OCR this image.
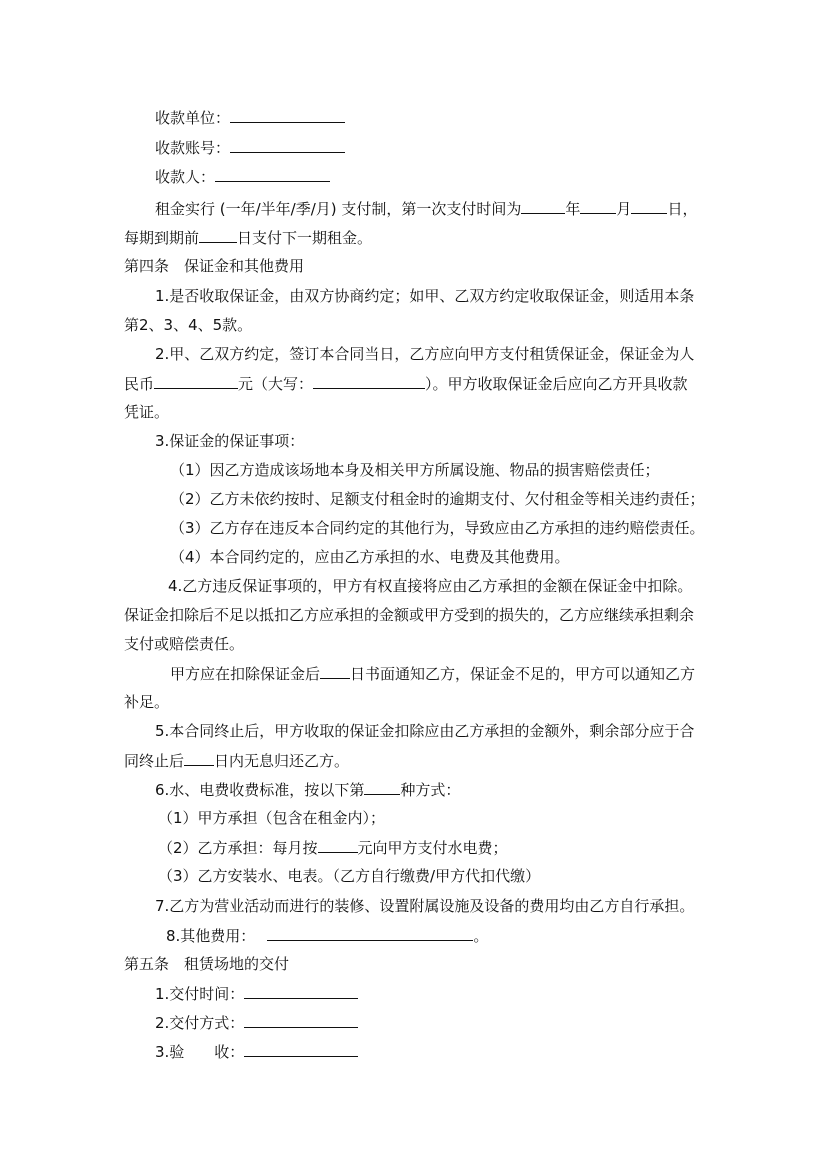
收款单位：
收款账号：
收款人：
租金实行 (一年/半年/季/月) 支付制，第一次支付时间为	年 月 日，
每期到期前	日支付下一期租金。
第四条　保证金和其他费用
1.是否收取保证金，由双方协商约定；如甲、乙双方约定收取保证金，则适用本条
第2、3、4、5款。
2.甲、乙双方约定，签订本合同当日，乙方应向甲方支付租赁保证金，保证金为人
民币	元（大写：	）。甲方收取保证金后应向乙方开具收款
凭证。
3.保证金的保证事项：
（1）因乙方造成该场地本身及相关甲方所属设施、物品的损害赔偿责任；
（2）乙方未依约按时、足额支付租金时的逾期支付、欠付租金等相关违约责任；
（3）乙方存在违反本合同约定的其他行为，导致应由乙方承担的违约赔偿责任。
（4）本合同约定的，应由乙方承担的水、电费及其他费用。
4.乙方违反保证事项的，甲方有权直接将应由乙方承担的金额在保证金中扣除。
保证金扣除后不足以抵扣乙方应承担的金额或甲方受到的损失的，乙方应继续承担剩余
支付或赔偿责任。
甲方应在扣除保证金后 日书面通知乙方，保证金不足的，甲方可以通知乙方
补足。
5.本合同终止后，甲方收取的保证金扣除应由乙方承担的金额外，剩余部分应于合
同终止后 日内无息归还乙方。
6.水、电费收费标准，按以下第 种方式：
（1）甲方承担（包含在租金内）；
（2）乙方承担：每月按	元向甲方支付水电费；
（3）乙方安装水、电表。（乙方自行缴费/甲方代扣代缴）
7.乙方为营业活动而进行的装修、设置附属设施及设备的费用均由乙方自行承担。
8.其他费用：	。
第五条　租赁场地的交付
1.交付时间：
2.交付方式：
3.验　　收：
